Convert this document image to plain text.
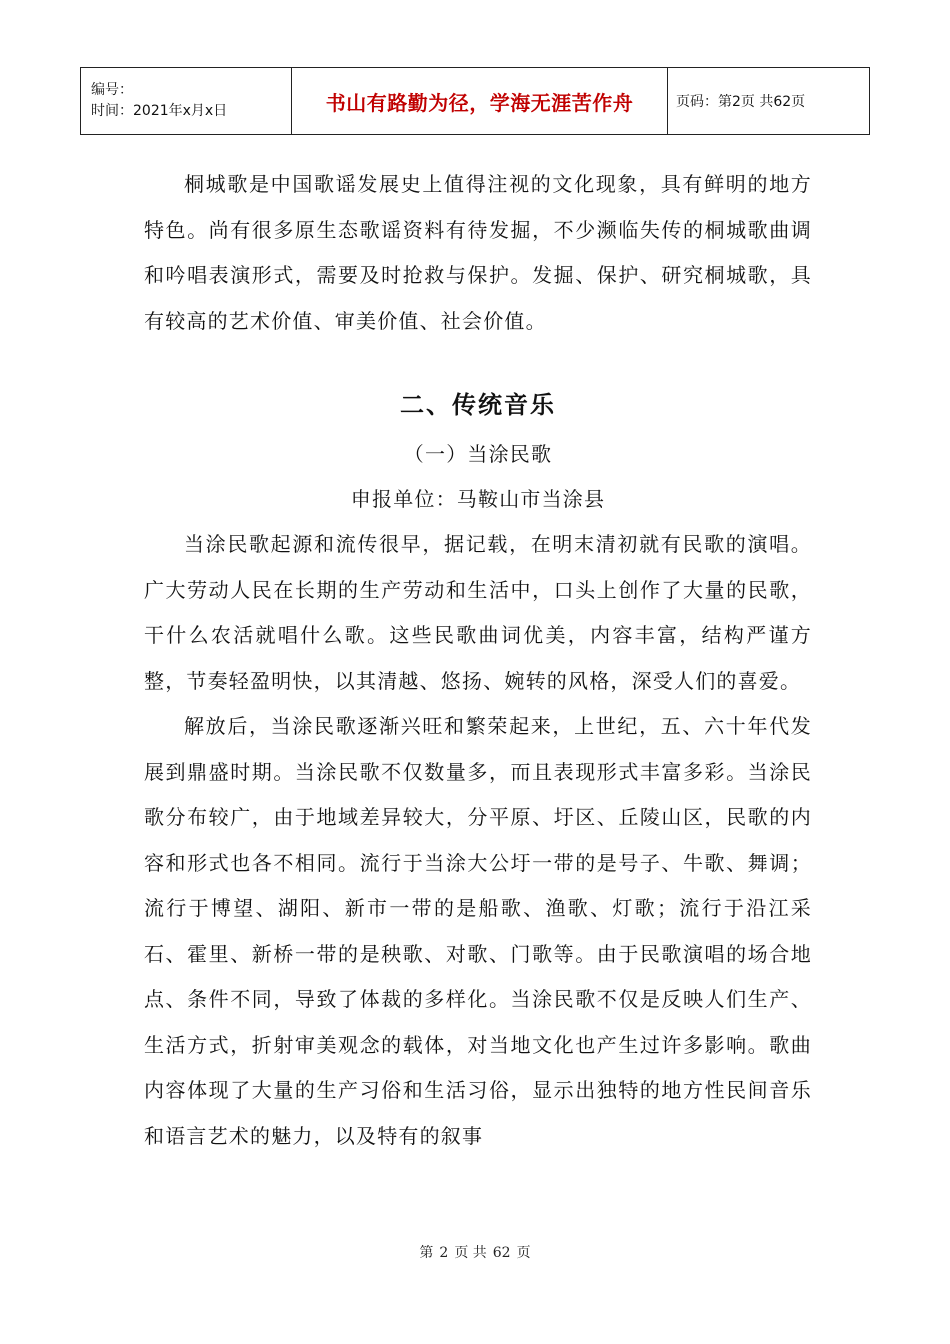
编号：
时间：2021年x月x日	书山有路勤为径，学海无涯苦作舟	页码：第2页 共62页

桐城歌是中国歌谣发展史上值得注视的文化现象，具有鲜明的地方特色。尚有很多原生态歌谣资料有待发掘，不少濒临失传的桐城歌曲调和吟唱表演形式，需要及时抢救与保护。发掘、保护、研究桐城歌，具有较高的艺术价值、审美价值、社会价值。

二、传统音乐

（一）当涂民歌

申报单位：马鞍山市当涂县

当涂民歌起源和流传很早，据记载，在明末清初就有民歌的演唱。广大劳动人民在长期的生产劳动和生活中，口头上创作了大量的民歌，干什么农活就唱什么歌。这些民歌曲词优美，内容丰富，结构严谨方整，节奏轻盈明快，以其清越、悠扬、婉转的风格，深受人们的喜爱。

解放后，当涂民歌逐渐兴旺和繁荣起来，上世纪，五、六十年代发展到鼎盛时期。当涂民歌不仅数量多，而且表现形式丰富多彩。当涂民歌分布较广，由于地域差异较大，分平原、圩区、丘陵山区，民歌的内容和形式也各不相同。流行于当涂大公圩一带的是号子、牛歌、舞调；流行于博望、湖阳、新市一带的是船歌、渔歌、灯歌；流行于沿江采石、霍里、新桥一带的是秧歌、对歌、门歌等。由于民歌演唱的场合地点、条件不同，导致了体裁的多样化。当涂民歌不仅是反映人们生产、生活方式，折射审美观念的载体，对当地文化也产生过许多影响。歌曲内容体现了大量的生产习俗和生活习俗，显示出独特的地方性民间音乐和语言艺术的魅力，以及特有的叙事

第 2 页 共 62 页
